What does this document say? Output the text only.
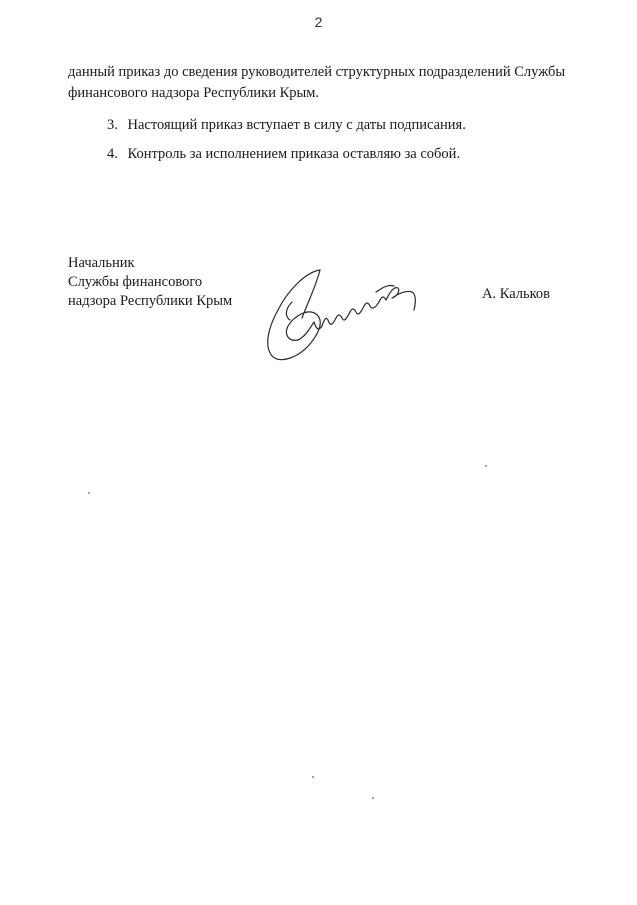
2

данный приказ до сведения руководителей структурных подразделений Службы
финансового надзора Республики Крым.

3. Настоящий приказ вступает в силу с даты подписания.

4. Контроль за исполнением приказа оставляю за собой.

Начальник
Службы финансового
надзора Республики Крым	А. Кальков
